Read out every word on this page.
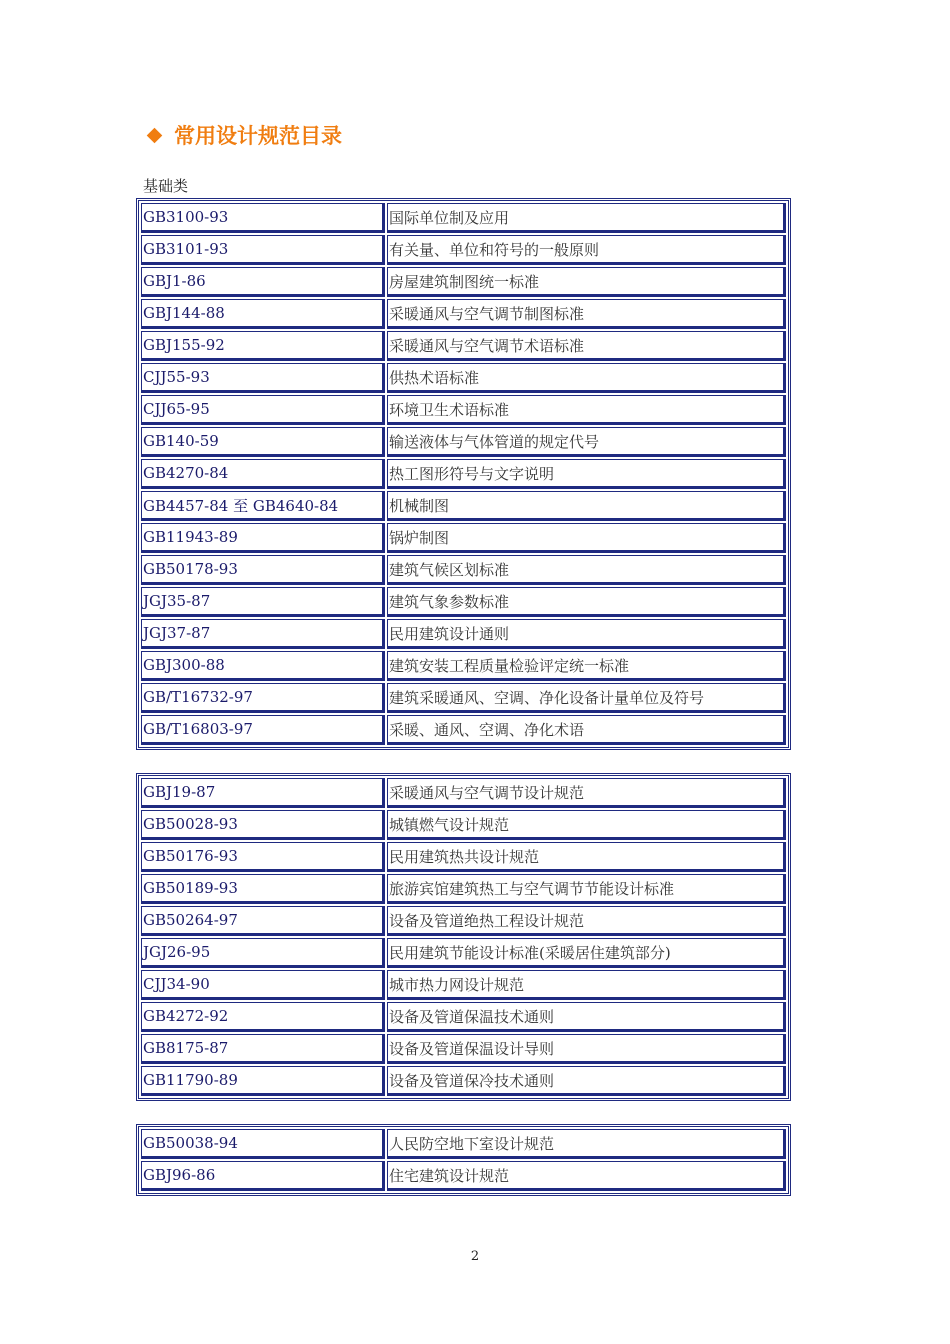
常用设计规范目录
基础类
GB3100-93	国际单位制及应用
GB3101-93	有关量、单位和符号的一般原则
GBJ1-86	房屋建筑制图统一标准
GBJ144-88	采暖通风与空气调节制图标准
GBJ155-92	采暖通风与空气调节术语标准
CJJ55-93	供热术语标准
CJJ65-95	环境卫生术语标准
GB140-59	输送液体与气体管道的规定代号
GB4270-84	热工图形符号与文字说明
GB4457-84 至 GB4640-84	机械制图
GB11943-89	锅炉制图
GB50178-93	建筑气候区划标准
JGJ35-87	建筑气象参数标准
JGJ37-87	民用建筑设计通则
GBJ300-88	建筑安装工程质量检验评定统一标准
GB/T16732-97	建筑采暖通风、空调、净化设备计量单位及符号
GB/T16803-97	采暖、通风、空调、净化术语
GBJ19-87	采暖通风与空气调节设计规范
GB50028-93	城镇燃气设计规范
GB50176-93	民用建筑热共设计规范
GB50189-93	旅游宾馆建筑热工与空气调节节能设计标准
GB50264-97	设备及管道绝热工程设计规范
JGJ26-95	民用建筑节能设计标准(采暖居住建筑部分)
CJJ34-90	城市热力网设计规范
GB4272-92	设备及管道保温技术通则
GB8175-87	设备及管道保温设计导则
GB11790-89	设备及管道保冷技术通则
GB50038-94	人民防空地下室设计规范
GBJ96-86	住宅建筑设计规范
2
